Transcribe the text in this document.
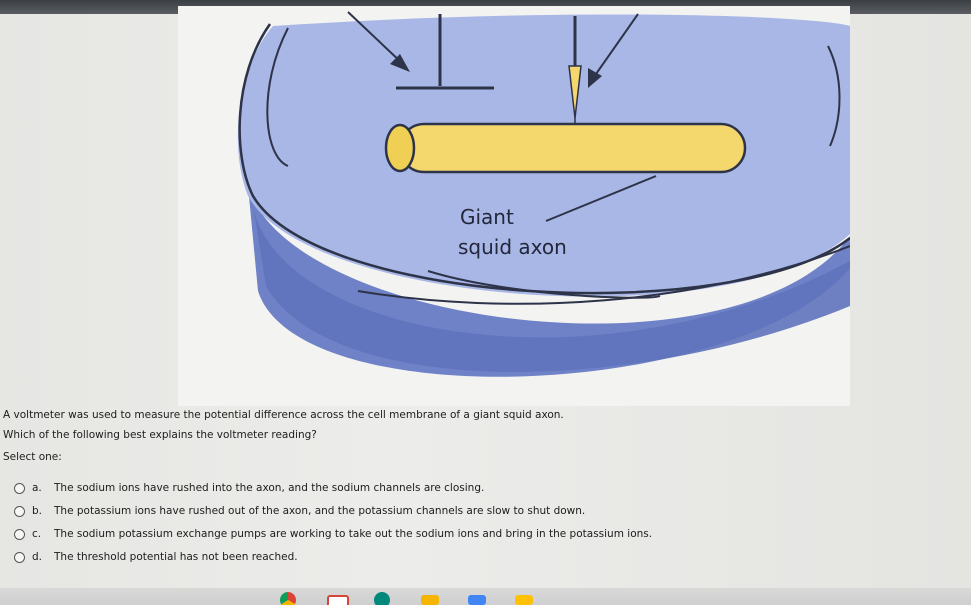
Giant
squid axon

A voltmeter was used to measure the potential difference across the cell membrane of a giant squid axon.

Which of the following best explains the voltmeter reading?

Select one:
a.	The sodium ions have rushed into the axon, and the sodium channels are closing.
b.	The potassium ions have rushed out of the axon, and the potassium channels are slow to shut down.
c.	The sodium potassium exchange pumps are working to take out the sodium ions and bring in the potassium ions.
d.	The threshold potential has not been reached.
